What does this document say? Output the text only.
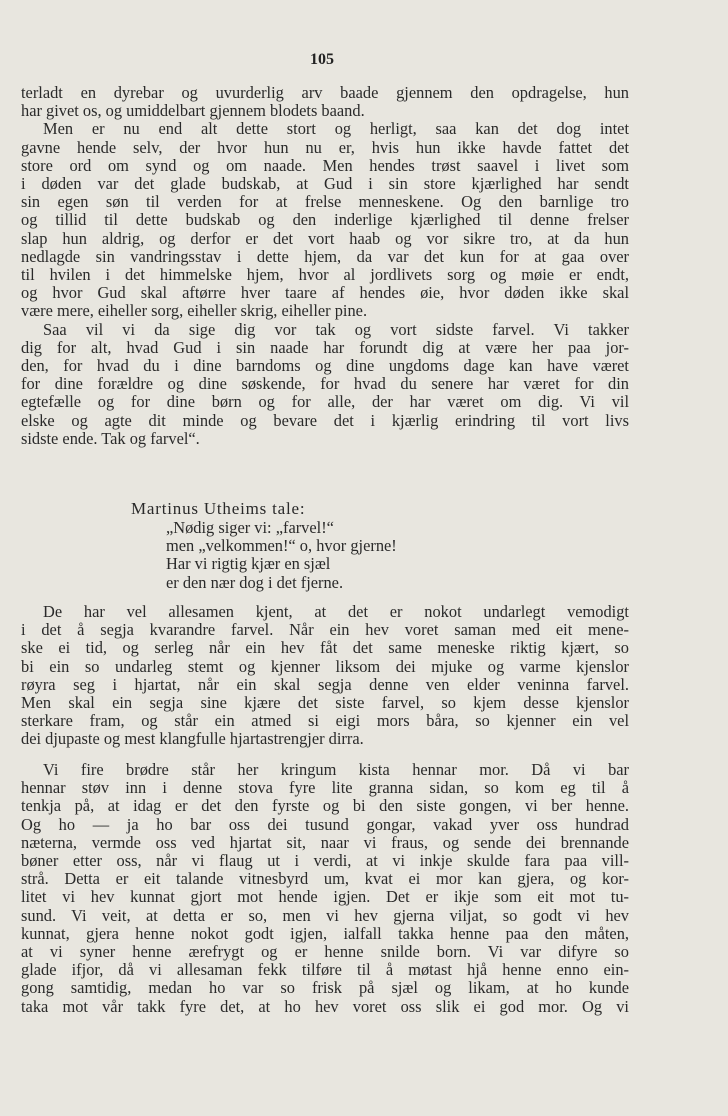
105
terladt en dyrebar og uvurderlig arv baade gjennem den opdragelse, hun
har givet os, og umiddelbart gjennem blodets baand.
Men er nu end alt dette stort og herligt, saa kan det dog intet
gavne hende selv, der hvor hun nu er, hvis hun ikke havde fattet det
store ord om synd og om naade. Men hendes trøst saavel i livet som
i døden var det glade budskab, at Gud i sin store kjærlighed har sendt
sin egen søn til verden for at frelse menneskene. Og den barnlige tro
og tillid til dette budskab og den inderlige kjærlighed til denne frelser
slap hun aldrig, og derfor er det vort haab og vor sikre tro, at da hun
nedlagde sin vandringsstav i dette hjem, da var det kun for at gaa over
til hvilen i det himmelske hjem, hvor al jordlivets sorg og møie er endt,
og hvor Gud skal aftørre hver taare af hendes øie, hvor døden ikke skal
være mere, eiheller sorg, eiheller skrig, eiheller pine.
Saa vil vi da sige dig vor tak og vort sidste farvel. Vi takker
dig for alt, hvad Gud i sin naade har forundt dig at være her paa jor-
den, for hvad du i dine barndoms og dine ungdoms dage kan have været
for dine forældre og dine søskende, for hvad du senere har været for din
egtefælle og for dine børn og for alle, der har været om dig. Vi vil
elske og agte dit minde og bevare det i kjærlig erindring til vort livs
sidste ende. Tak og farvel“.
Martinus Utheims tale:
„Nødig siger vi: „farvel!“
men „velkommen!“ o, hvor gjerne!
Har vi rigtig kjær en sjæl
er den nær dog i det fjerne.
De har vel allesamen kjent, at det er nokot undarlegt vemodigt
i det å segja kvarandre farvel. Når ein hev voret saman med eit mene-
ske ei tid, og serleg når ein hev fåt det same meneske riktig kjært, so
bi ein so undarleg stemt og kjenner liksom dei mjuke og varme kjenslor
røyra seg i hjartat, når ein skal segja denne ven elder veninna farvel.
Men skal ein segja sine kjære det siste farvel, so kjem desse kjenslor
sterkare fram, og står ein atmed si eigi mors båra, so kjenner ein vel
dei djupaste og mest klangfulle hjartastrengjer dirra.
Vi fire brødre står her kringum kista hennar mor. Då vi bar
hennar støv inn i denne stova fyre lite granna sidan, so kom eg til å
tenkja på, at idag er det den fyrste og bi den siste gongen, vi ber henne.
Og ho — ja ho bar oss dei tusund gongar, vakad yver oss hundrad
næterna, vermde oss ved hjartat sit, naar vi fraus, og sende dei brennande
bøner etter oss, når vi flaug ut i verdi, at vi inkje skulde fara paa vill-
strå. Detta er eit talande vitnesbyrd um, kvat ei mor kan gjera, og kor-
litet vi hev kunnat gjort mot hende igjen. Det er ikje som eit mot tu-
sund. Vi veit, at detta er so, men vi hev gjerna viljat, so godt vi hev
kunnat, gjera henne nokot godt igjen, ialfall takka henne paa den måten,
at vi syner henne ærefrygt og er henne snilde born. Vi var difyre so
glade ifjor, då vi allesaman fekk tilføre til å møtast hjå henne enno ein-
gong samtidig, medan ho var so frisk på sjæl og likam, at ho kunde
taka mot vår takk fyre det, at ho hev voret oss slik ei god mor. Og vi
